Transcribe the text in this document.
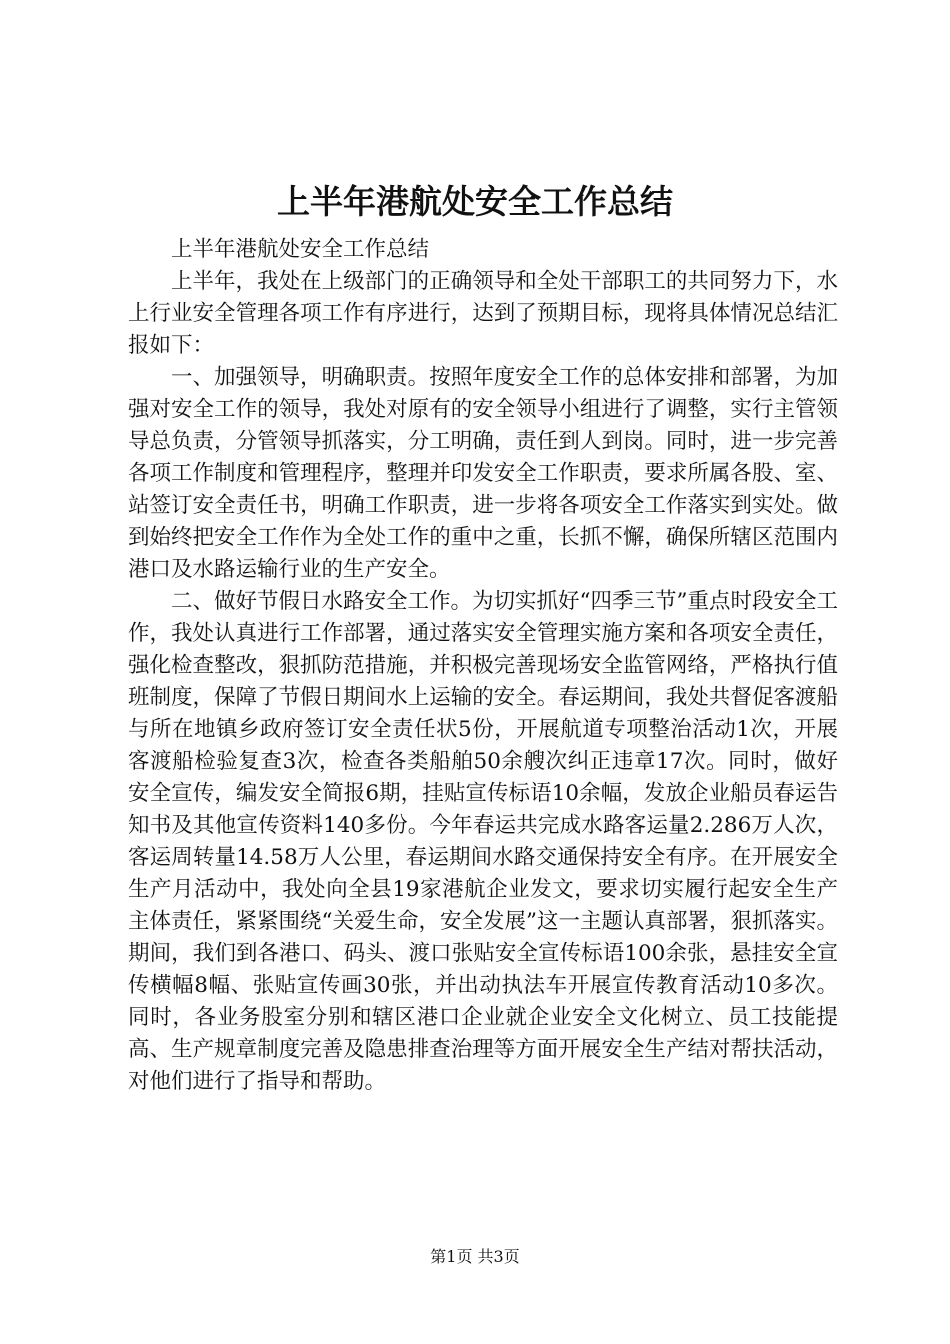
上半年港航处安全工作总结

上半年港航处安全工作总结

上半年，我处在上级部门的正确领导和全处干部职工的共同努力下，水上行业安全管理各项工作有序进行，达到了预期目标，现将具体情况总结汇报如下：

一、加强领导，明确职责。按照年度安全工作的总体安排和部署，为加强对安全工作的领导，我处对原有的安全领导小组进行了调整，实行主管领导总负责，分管领导抓落实，分工明确，责任到人到岗。同时，进一步完善各项工作制度和管理程序，整理并印发安全工作职责，要求所属各股、室、站签订安全责任书，明确工作职责，进一步将各项安全工作落实到实处。做到始终把安全工作作为全处工作的重中之重，长抓不懈，确保所辖区范围内港口及水路运输行业的生产安全。

二、做好节假日水路安全工作。为切实抓好“四季三节”重点时段安全工作，我处认真进行工作部署，通过落实安全管理实施方案和各项安全责任，强化检查整改，狠抓防范措施，并积极完善现场安全监管网络，严格执行值班制度，保障了节假日期间水上运输的安全。春运期间，我处共督促客渡船与所在地镇乡政府签订安全责任状5份，开展航道专项整治活动1次，开展客渡船检验复查3次，检查各类船舶50余艘次纠正违章17次。同时，做好安全宣传，编发安全简报6期，挂贴宣传标语10余幅，发放企业船员春运告知书及其他宣传资料140多份。今年春运共完成水路客运量2.286万人次，客运周转量14.58万人公里，春运期间水路交通保持安全有序。在开展安全生产月活动中，我处向全县19家港航企业发文，要求切实履行起安全生产主体责任，紧紧围绕“关爱生命，安全发展”这一主题认真部署，狠抓落实。期间，我们到各港口、码头、渡口张贴安全宣传标语100余张，悬挂安全宣传横幅8幅、张贴宣传画30张，并出动执法车开展宣传教育活动10多次。同时，各业务股室分别和辖区港口企业就企业安全文化树立、员工技能提高、生产规章制度完善及隐患排查治理等方面开展安全生产结对帮扶活动，对他们进行了指导和帮助。

第1页 共3页
